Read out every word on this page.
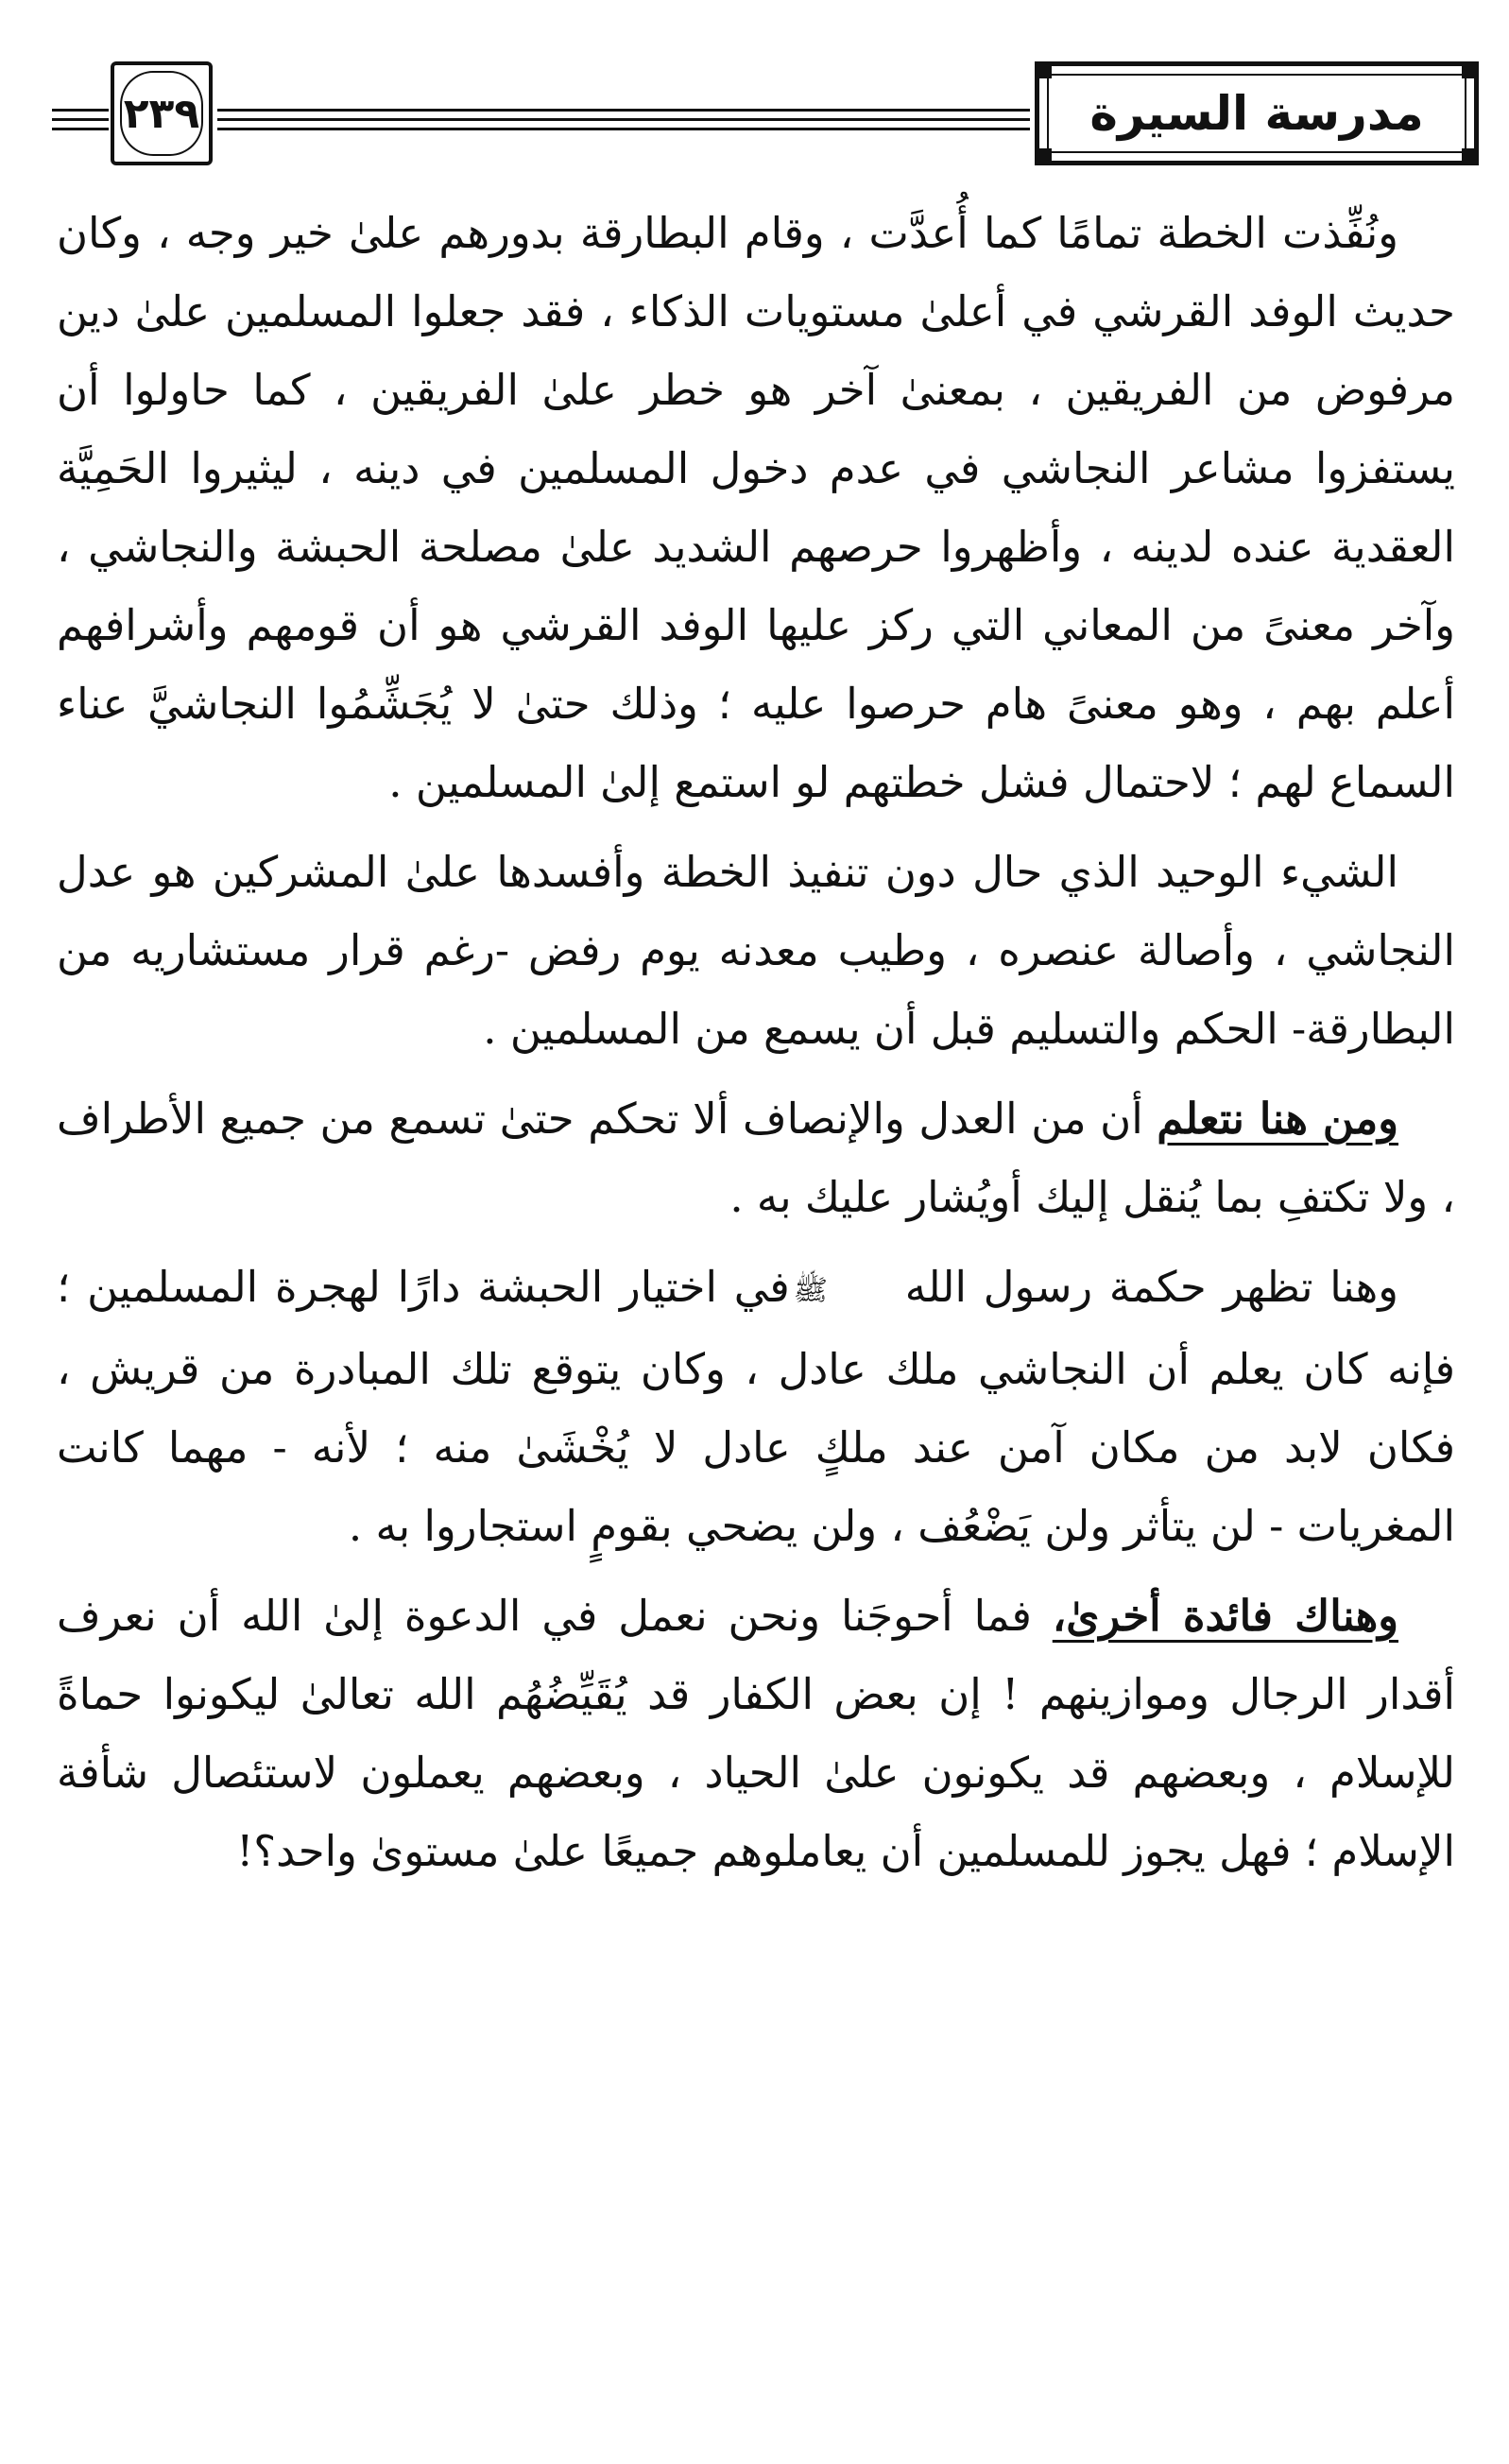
٢٣٩	مدرسة السيرة

ونُفِّذت الخطة تمامًا كما أُعدَّت ، وقام البطارقة بدورهم علىٰ خير وجه ، وكان حديث الوفد القرشي في أعلىٰ مستويات الذكاء ، فقد جعلوا المسلمين علىٰ دين مرفوض من الفريقين ، بمعنىٰ آخر هو خطر علىٰ الفريقين ، كما حاولوا أن يستفزوا مشاعر النجاشي في عدم دخول المسلمين في دينه ، ليثيروا الحَمِيَّة العقدية عنده لدينه ، وأظهروا حرصهم الشديد علىٰ مصلحة الحبشة والنجاشي ، وآخر معنىً من المعاني التي ركز عليها الوفد القرشي هو أن قومهم وأشرافهم أعلم بهم ، وهو معنىً هام حرصوا عليه ؛ وذلك حتىٰ لا يُجَشِّمُوا النجاشيَّ عناء السماع لهم ؛ لاحتمال فشل خطتهم لو استمع إلىٰ المسلمين .

الشيء الوحيد الذي حال دون تنفيذ الخطة وأفسدها علىٰ المشركين هو عدل النجاشي ، وأصالة عنصره ، وطيب معدنه يوم رفض -رغم قرار مستشاريه من البطارقة- الحكم والتسليم قبل أن يسمع من المسلمين .

ومن هنا نتعلم أن من العدل والإنصاف ألا تحكم حتىٰ تسمع من جميع الأطراف ، ولا تكتفِ بما يُنقل إليك أويُشار عليك به .

وهنا تظهر حكمة رسول الله ﷺفي اختيار الحبشة دارًا لهجرة المسلمين ؛ فإنه كان يعلم أن النجاشي ملك عادل ، وكان يتوقع تلك المبادرة من قريش ، فكان لابد من مكان آمن عند ملكٍ عادل لا يُخْشَىٰ منه ؛ لأنه - مهما كانت المغريات - لن يتأثر ولن يَضْعُف ، ولن يضحي بقومٍ استجاروا به .

وهناك فائدة أخرىٰ، فما أحوجَنا ونحن نعمل في الدعوة إلىٰ الله أن نعرف أقدار الرجال وموازينهم ! إن بعض الكفار قد يُقَيِّضُهُم الله تعالىٰ ليكونوا حماةً للإسلام ، وبعضهم قد يكونون علىٰ الحياد ، وبعضهم يعملون لاستئصال شأفة الإسلام ؛ فهل يجوز للمسلمين أن يعاملوهم جميعًا علىٰ مستوىٰ واحد؟!
